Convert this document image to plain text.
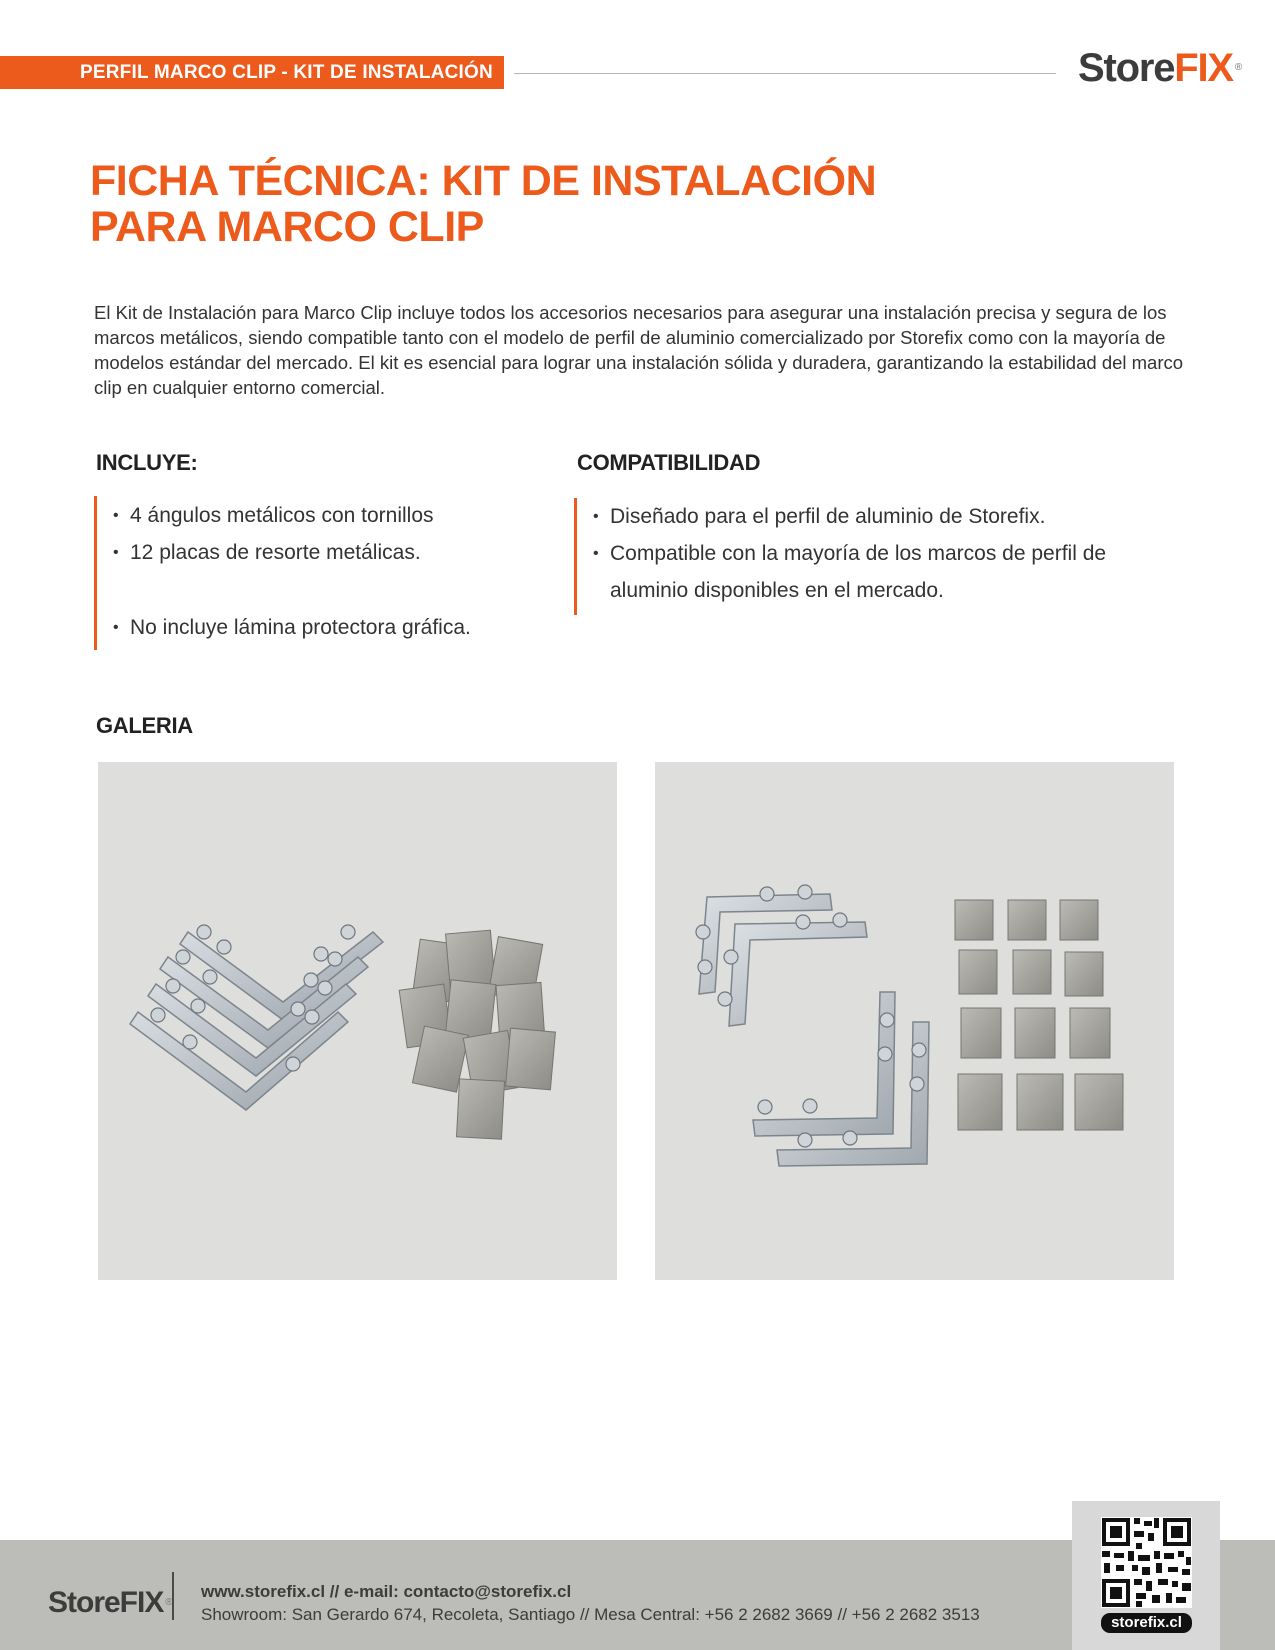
PERFIL MARCO CLIP - KIT DE INSTALACIÓN	StoreFIX ®
FICHA TÉCNICA: KIT DE INSTALACIÓN
PARA MARCO CLIP

El Kit de Instalación para Marco Clip incluye todos los accesorios necesarios para asegurar una instalación precisa y segura de los marcos metálicos, siendo compatible tanto con el modelo de perfil de aluminio comercializado por Storefix como con la mayoría de modelos estándar del mercado. El kit es esencial para lograr una instalación sólida y duradera, garantizando la estabilidad del marco clip en cualquier entorno comercial.

INCLUYE:
• 4 ángulos metálicos con tornillos
• 12 placas de resorte metálicas.
• No incluye lámina protectora gráfica.
COMPATIBILIDAD
• Diseñado para el perfil de aluminio de Storefix.
• Compatible con la mayoría de los marcos de perfil de aluminio disponibles en el mercado.
GALERIA
StoreFIX ®
www.storefix.cl // e-mail: contacto@storefix.cl
Showroom: San Gerardo 674, Recoleta, Santiago // Mesa Central: +56 2 2682 3669 // +56 2 2682 3513	storefix.cl
